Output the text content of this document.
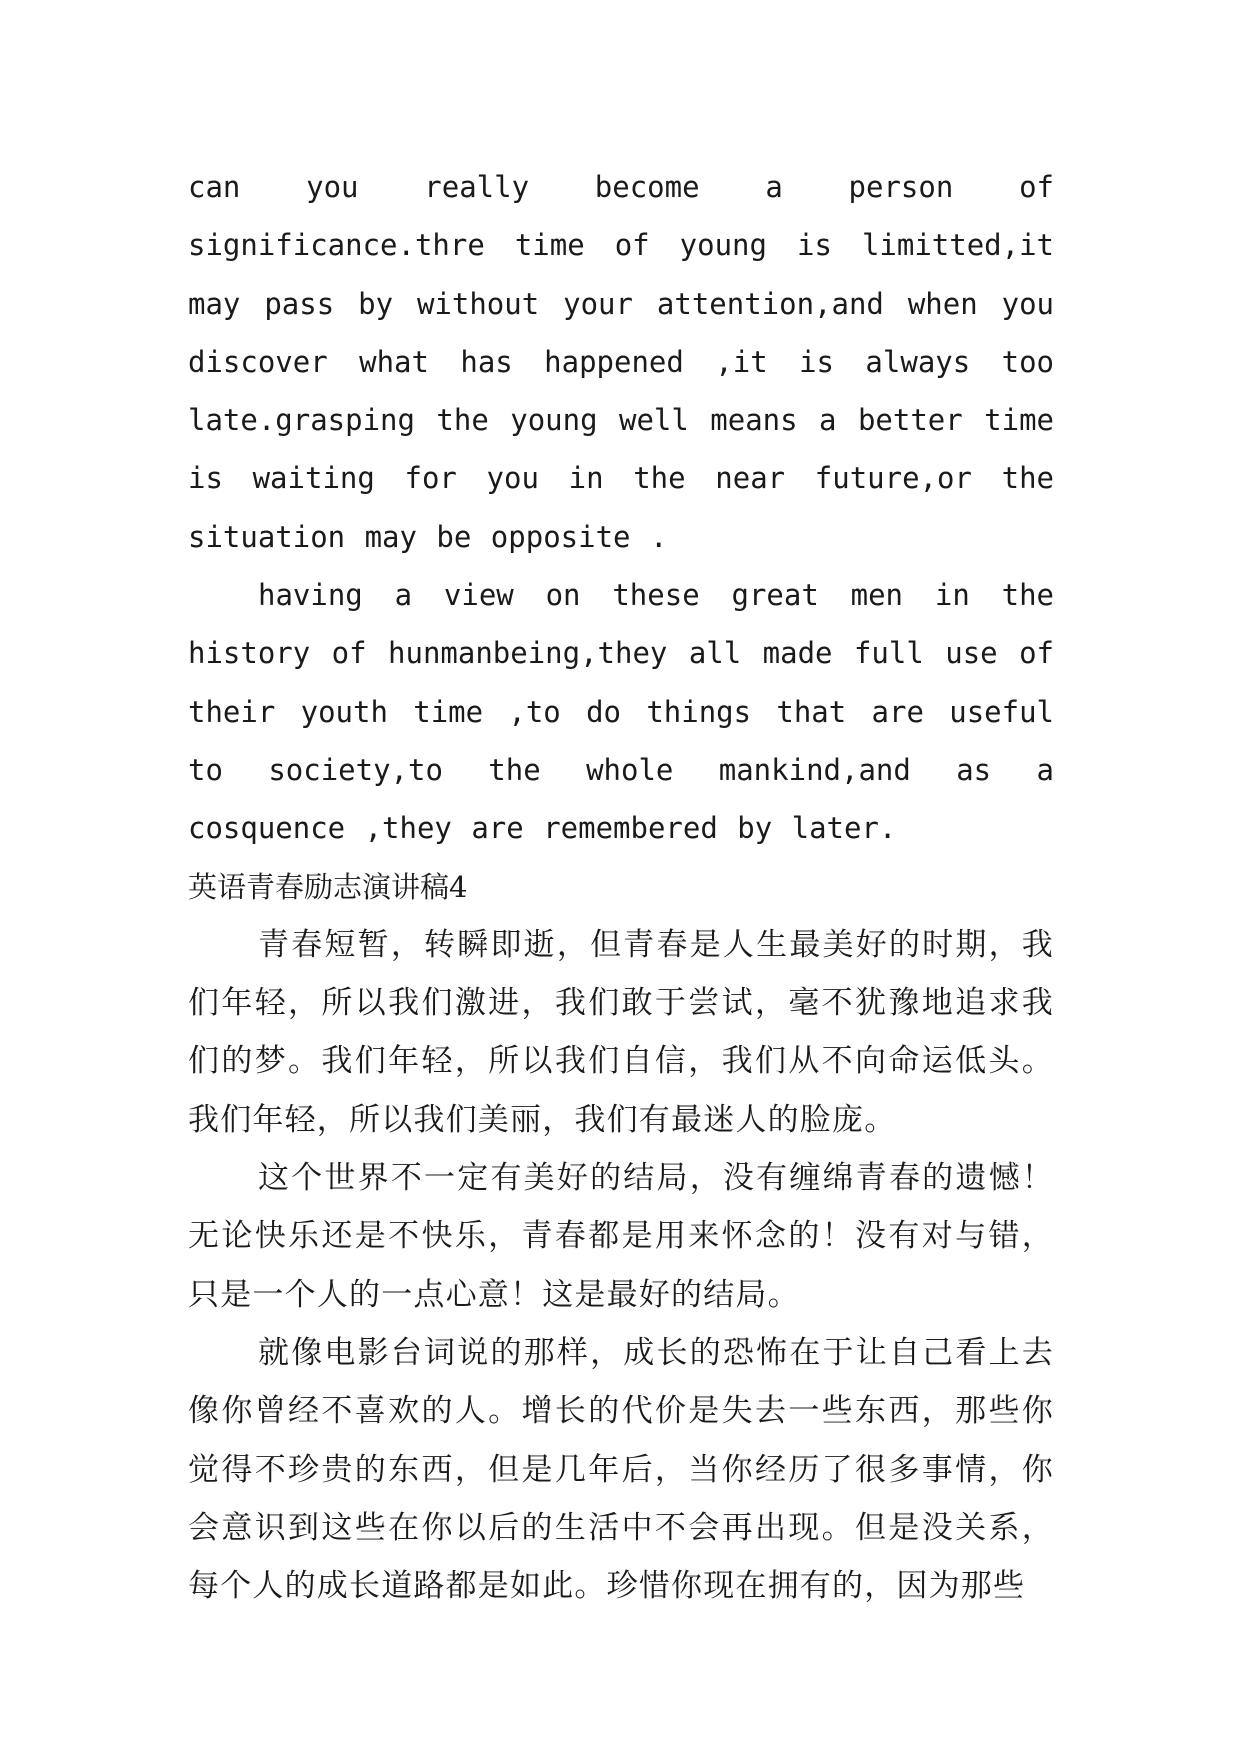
can you really become a person of significance.thre time of young is limitted,it may pass by without your attention,and when you discover what has happened ,it is always too late.grasping the young well means a better time is waiting for you in the near future,or the situation may be opposite .

having a view on these great men in the history of hunmanbeing,they all made full use of their youth time ,to do things that are useful to society,to the whole mankind,and as a cosquence ,they are remembered by later.

英语青春励志演讲稿4

青春短暂，转瞬即逝，但青春是人生最美好的时期，我们年轻，所以我们激进，我们敢于尝试，毫不犹豫地追求我们的梦。我们年轻，所以我们自信，我们从不向命运低头。我们年轻，所以我们美丽，我们有最迷人的脸庞。

这个世界不一定有美好的结局，没有缠绵青春的遗憾！无论快乐还是不快乐，青春都是用来怀念的！没有对与错，只是一个人的一点心意！这是最好的结局。

就像电影台词说的那样，成长的恐怖在于让自己看上去像你曾经不喜欢的人。增长的代价是失去一些东西，那些你觉得不珍贵的东西，但是几年后，当你经历了很多事情，你会意识到这些在你以后的生活中不会再出现。但是没关系，每个人的成长道路都是如此。珍惜你现在拥有的，因为那些
